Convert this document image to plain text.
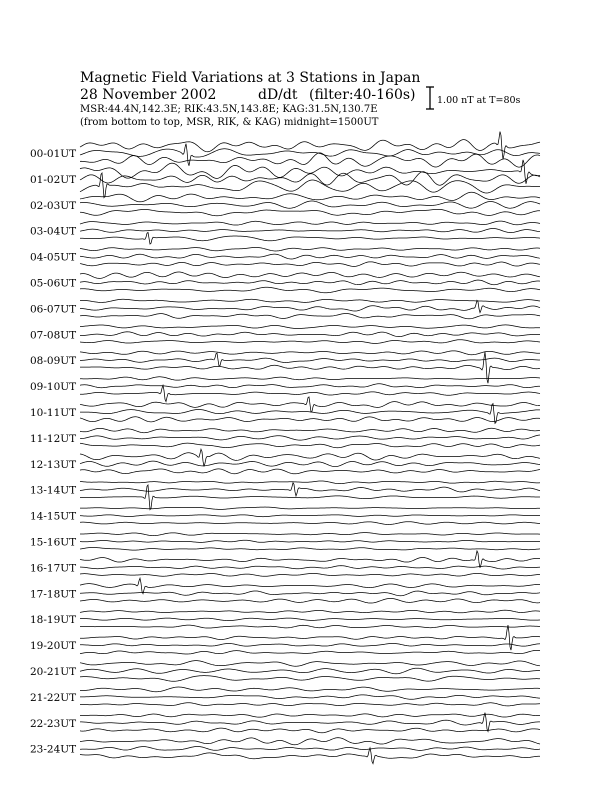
Magnetic Field Variations at 3 Stations in Japan
28 November 2002	dD/dt (filter:40-160s)
MSR:44.4N,142.3E; RIK:43.5N,143.8E; KAG:31.5N,130.7E
(from bottom to top, MSR, RIK, & KAG) midnight=1500UT
1.00 nT at T=80s
00-01UT
01-02UT
02-03UT
03-04UT
04-05UT
05-06UT
06-07UT
07-08UT
08-09UT
09-10UT
10-11UT
11-12UT
12-13UT
13-14UT
14-15UT
15-16UT
16-17UT
17-18UT
18-19UT
19-20UT
20-21UT
21-22UT
22-23UT
23-24UT
